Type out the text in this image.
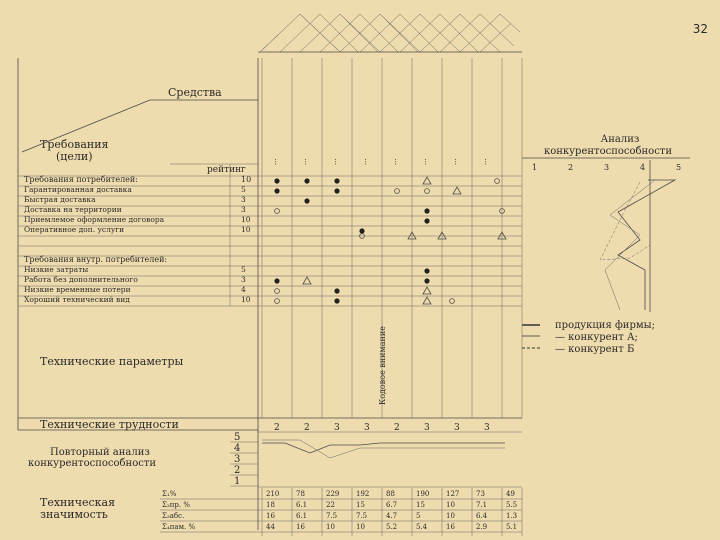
32
Средства
Требования
(цели)
рейтинг
...	...	...	...	...	...	...	...
Требования потребителей:	10
Гарантированная доставка	5
Быстрая доставка	3
Доставка на территории	3
Приемлемое оформление договора	10
Оперативное доп. услуги	10
Требования внутр. потребителей:
Низкие затраты	5
Работа без дополнительного	3
Низкие временные потери	4
Хороший технический вид	10
Анализ
конкурентоспособности
1	2	3	4	5
продукция фирмы;
— конкурент А;
— конкурент Б
Кодовое внимание
Технические параметры
Технические трудности	2	2	3	3	2	3	3	3
Повторный анализ
конкурентоспособности
5
4
3
2
1
Техническая
значимость
Σ₁%	210 78	229 192 88	190 127 73	49
Σ₂пр. %	18	6.1	22	15	6.7	15	10	7.1	5.5
Σ₃абс.	16	6.1	7.5	7.5	4.7	5	10	6.4	1.3
Σ₄пам. %	44	16	10	10	5.2	5.4	16	2.9	5.1
